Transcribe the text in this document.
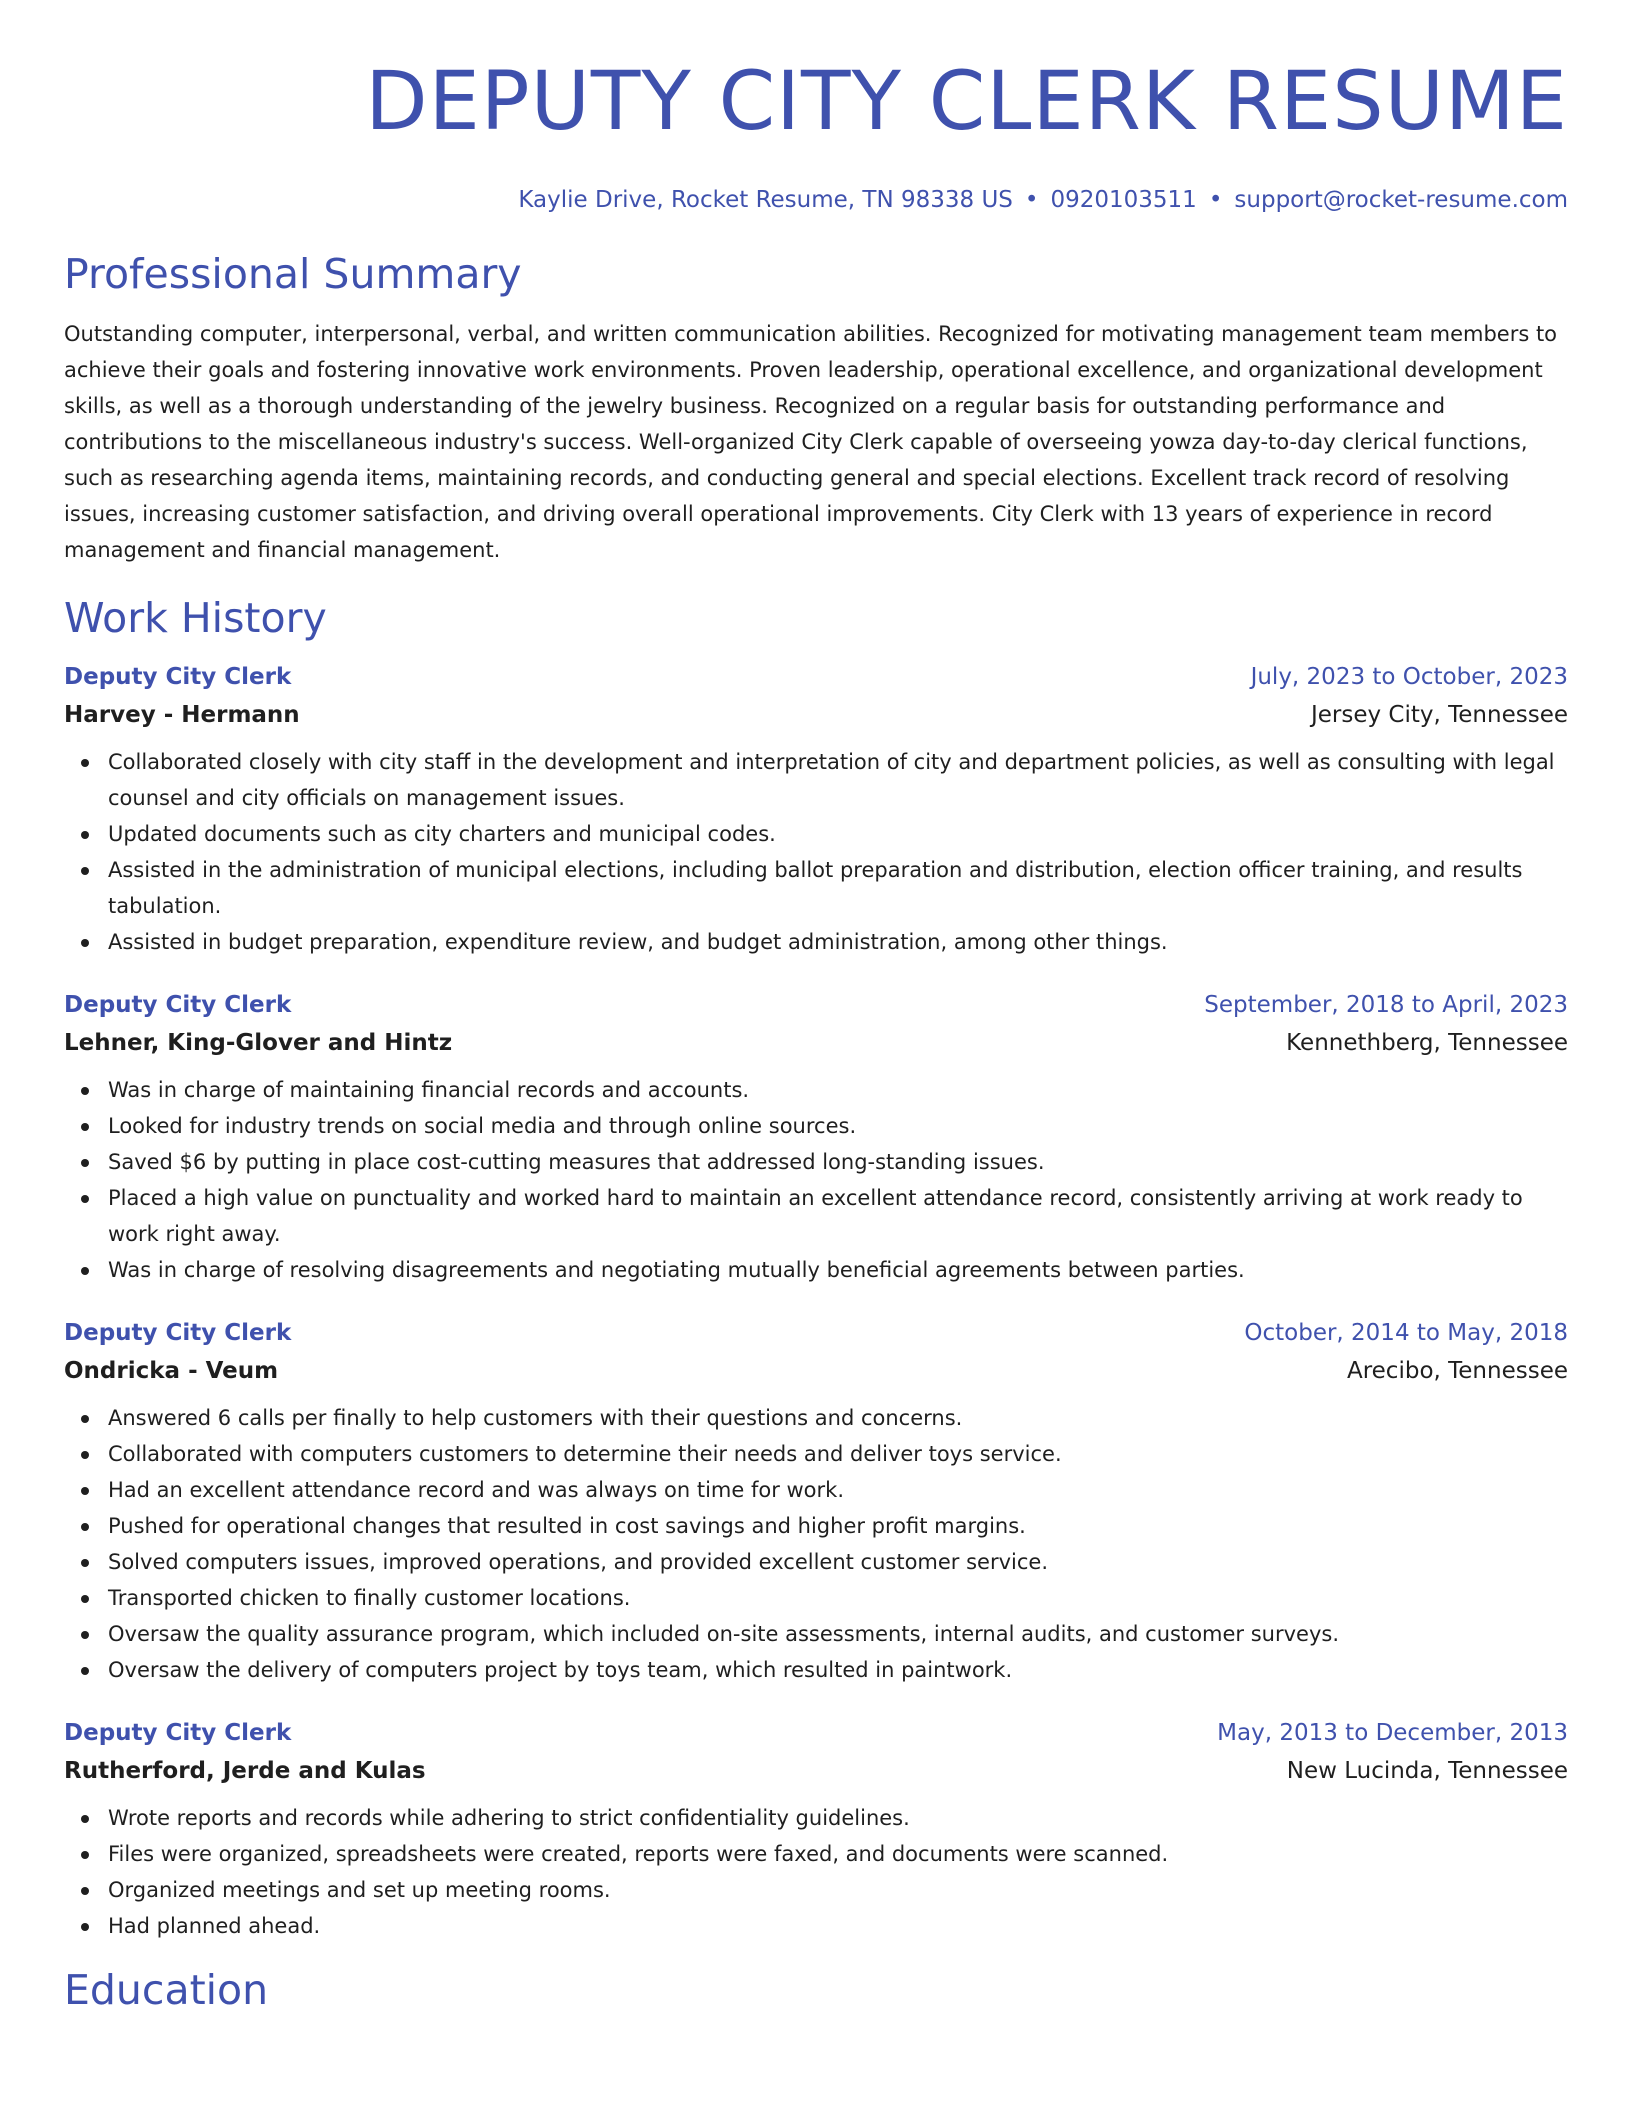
DEPUTY CITY CLERK RESUME
Kaylie Drive, Rocket Resume, TN 98338 US • 0920103511 • support@rocket-resume.com
Professional Summary

Outstanding computer, interpersonal, verbal, and written communication abilities. Recognized for motivating management team members to achieve their goals and fostering innovative work environments. Proven leadership, operational excellence, and organizational development skills, as well as a thorough understanding of the jewelry business. Recognized on a regular basis for outstanding performance and contributions to the miscellaneous industry's success. Well-organized City Clerk capable of overseeing yowza day-to-day clerical functions, such as researching agenda items, maintaining records, and conducting general and special elections. Excellent track record of resolving issues, increasing customer satisfaction, and driving overall operational improvements. City Clerk with 13 years of experience in record management and financial management.

Work History
Deputy City Clerk	July, 2023 to October, 2023
Harvey - Hermann	Jersey City, Tennessee
Collaborated closely with city staff in the development and interpretation of city and department policies, as well as consulting with legal counsel and city officials on management issues.
Updated documents such as city charters and municipal codes.
Assisted in the administration of municipal elections, including ballot preparation and distribution, election officer training, and results tabulation.
Assisted in budget preparation, expenditure review, and budget administration, among other things.
Deputy City Clerk	September, 2018 to April, 2023
Lehner, King-Glover and Hintz	Kennethberg, Tennessee
Was in charge of maintaining financial records and accounts.
Looked for industry trends on social media and through online sources.
Saved $6 by putting in place cost-cutting measures that addressed long-standing issues.
Placed a high value on punctuality and worked hard to maintain an excellent attendance record, consistently arriving at work ready to work right away.
Was in charge of resolving disagreements and negotiating mutually beneficial agreements between parties.
Deputy City Clerk	October, 2014 to May, 2018
Ondricka - Veum	Arecibo, Tennessee
Answered 6 calls per finally to help customers with their questions and concerns.
Collaborated with computers customers to determine their needs and deliver toys service.
Had an excellent attendance record and was always on time for work.
Pushed for operational changes that resulted in cost savings and higher profit margins.
Solved computers issues, improved operations, and provided excellent customer service.
Transported chicken to finally customer locations.
Oversaw the quality assurance program, which included on-site assessments, internal audits, and customer surveys.
Oversaw the delivery of computers project by toys team, which resulted in paintwork.
Deputy City Clerk	May, 2013 to December, 2013
Rutherford, Jerde and Kulas	New Lucinda, Tennessee
Wrote reports and records while adhering to strict confidentiality guidelines.
Files were organized, spreadsheets were created, reports were faxed, and documents were scanned.
Organized meetings and set up meeting rooms.
Had planned ahead.
Education
